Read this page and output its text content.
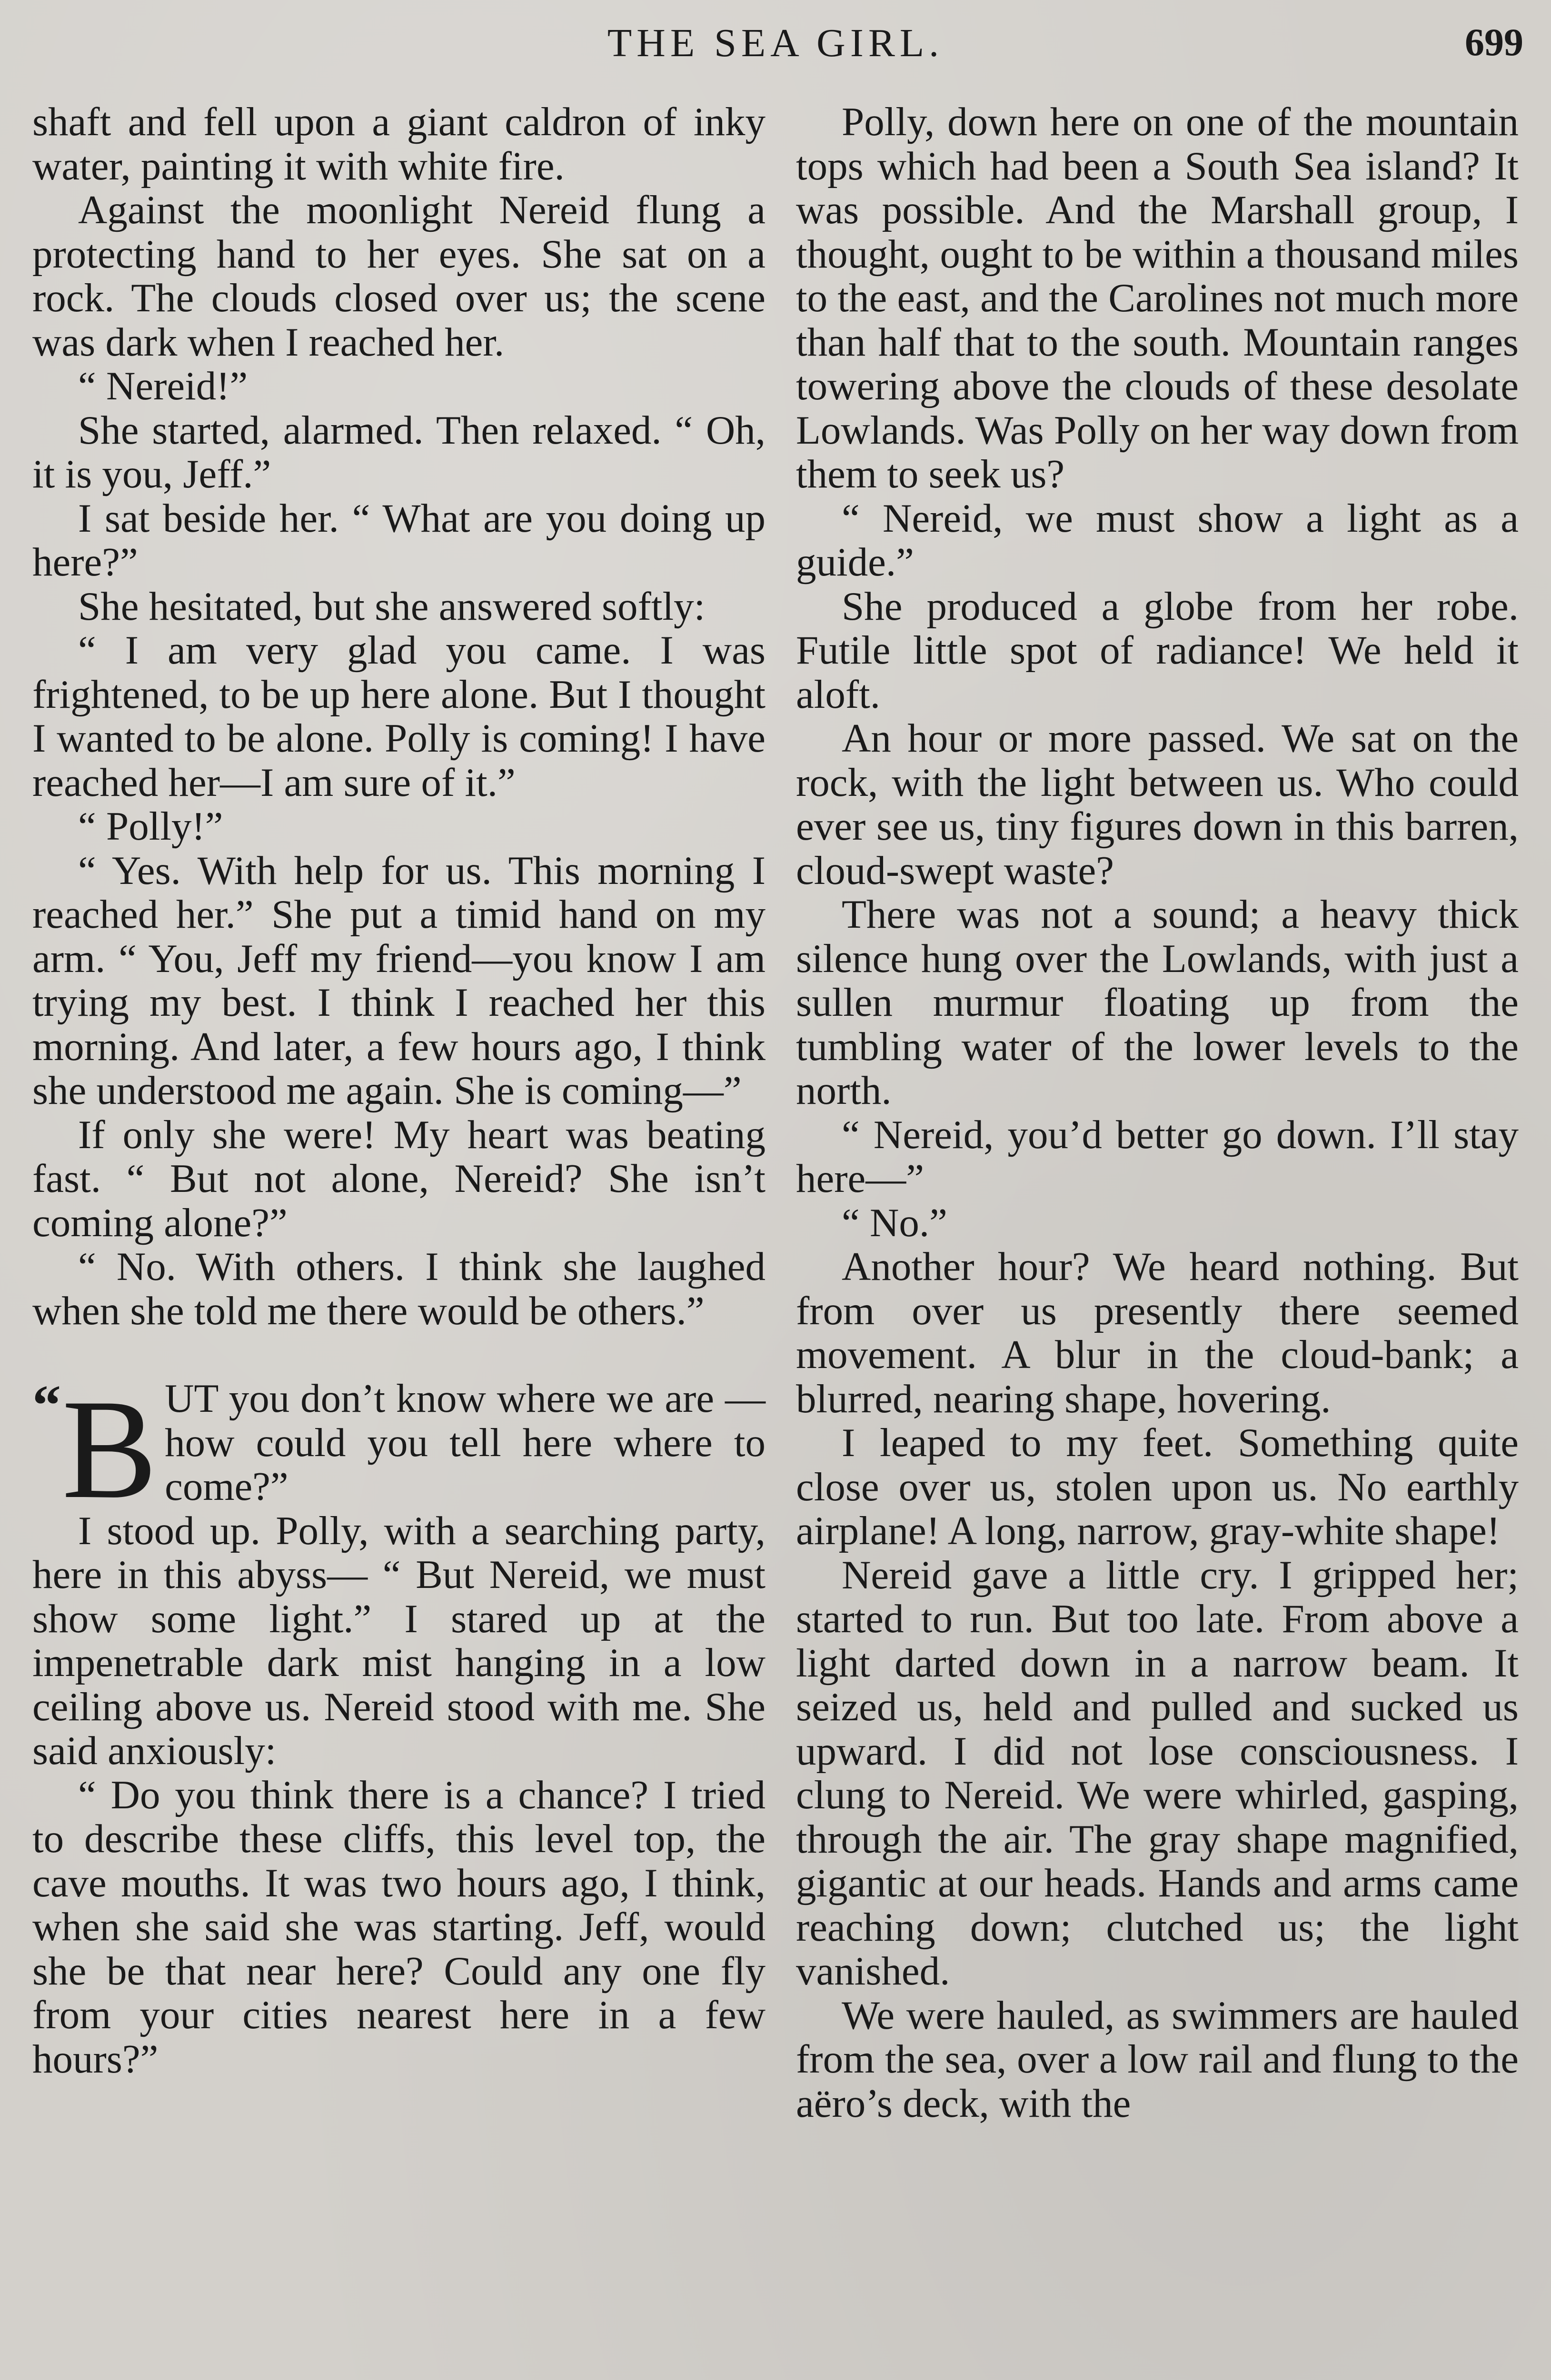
THE SEA GIRL.	699

shaft and fell upon a giant caldron of inky water, painting it with white fire.

Against the moonlight Nereid flung a protecting hand to her eyes. She sat on a rock. The clouds closed over us; the scene was dark when I reached her.

“ Nereid!”

She started, alarmed. Then relaxed. “ Oh, it is you, Jeff.”

I sat beside her. “ What are you doing up here?”

She hesitated, but she answered softly:

“ I am very glad you came. I was frightened, to be up here alone. But I thought I wanted to be alone. Polly is coming! I have reached her—I am sure of it.”

“ Polly!”

“ Yes. With help for us. This morning I reached her.” She put a timid hand on my arm. “ You, Jeff my friend—you know I am trying my best. I think I reached her this morning. And later, a few hours ago, I think she understood me again. She is coming—”

If only she were! My heart was beating fast. “ But not alone, Nereid? She isn’t coming alone?”

“ No. With others. I think she laughed when she told me there would be others.”

“ B UT you don’t know where we are —how could you tell here where to come?”

I stood up. Polly, with a searching party, here in this abyss— “ But Nereid, we must show some light.” I stared up at the impenetrable dark mist hanging in a low ceiling above us. Nereid stood with me. She said anxiously:

“ Do you think there is a chance? I tried to describe these cliffs, this level top, the cave mouths. It was two hours ago, I think, when she said she was starting. Jeff, would she be that near here? Could any one fly from your cities nearest here in a few hours?”

Polly, down here on one of the mountain tops which had been a South Sea island? It was possible. And the Marshall group, I thought, ought to be within a thousand miles to the east, and the Carolines not much more than half that to the south. Mountain ranges towering above the clouds of these desolate Lowlands. Was Polly on her way down from them to seek us?

“ Nereid, we must show a light as a guide.”

She produced a globe from her robe. Futile little spot of radiance! We held it aloft.

An hour or more passed. We sat on the rock, with the light between us. Who could ever see us, tiny figures down in this barren, cloud-swept waste?

There was not a sound; a heavy thick silence hung over the Lowlands, with just a sullen murmur floating up from the tumbling water of the lower levels to the north.

“ Nereid, you’d better go down. I’ll stay here—”

“ No.”

Another hour? We heard nothing. But from over us presently there seemed movement. A blur in the cloud-bank; a blurred, nearing shape, hovering.

I leaped to my feet. Something quite close over us, stolen upon us. No earthly airplane! A long, narrow, gray-white shape!

Nereid gave a little cry. I gripped her; started to run. But too late. From above a light darted down in a narrow beam. It seized us, held and pulled and sucked us upward. I did not lose consciousness. I clung to Nereid. We were whirled, gasping, through the air. The gray shape magnified, gigantic at our heads. Hands and arms came reaching down; clutched us; the light vanished.

We were hauled, as swimmers are hauled from the sea, over a low rail and flung to the aëro’s deck, with the
